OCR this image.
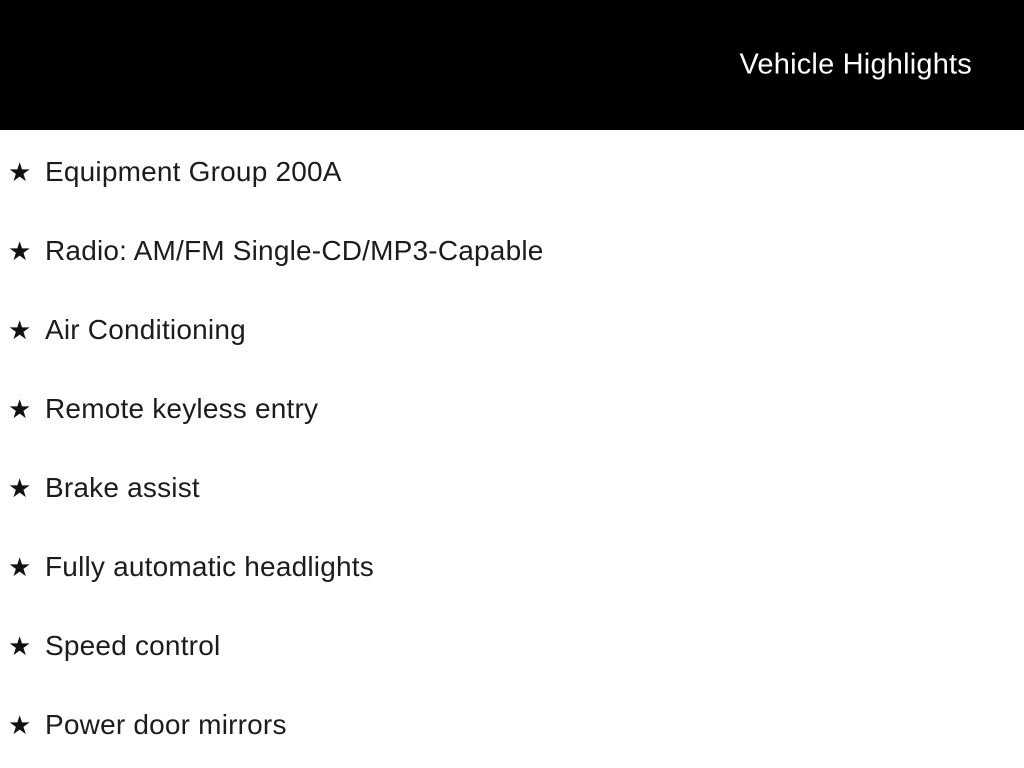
Vehicle Highlights
★ Equipment Group 200A
★ Radio: AM/FM Single-CD/MP3-Capable
★ Air Conditioning
★ Remote keyless entry
★ Brake assist
★ Fully automatic headlights
★ Speed control
★ Power door mirrors
